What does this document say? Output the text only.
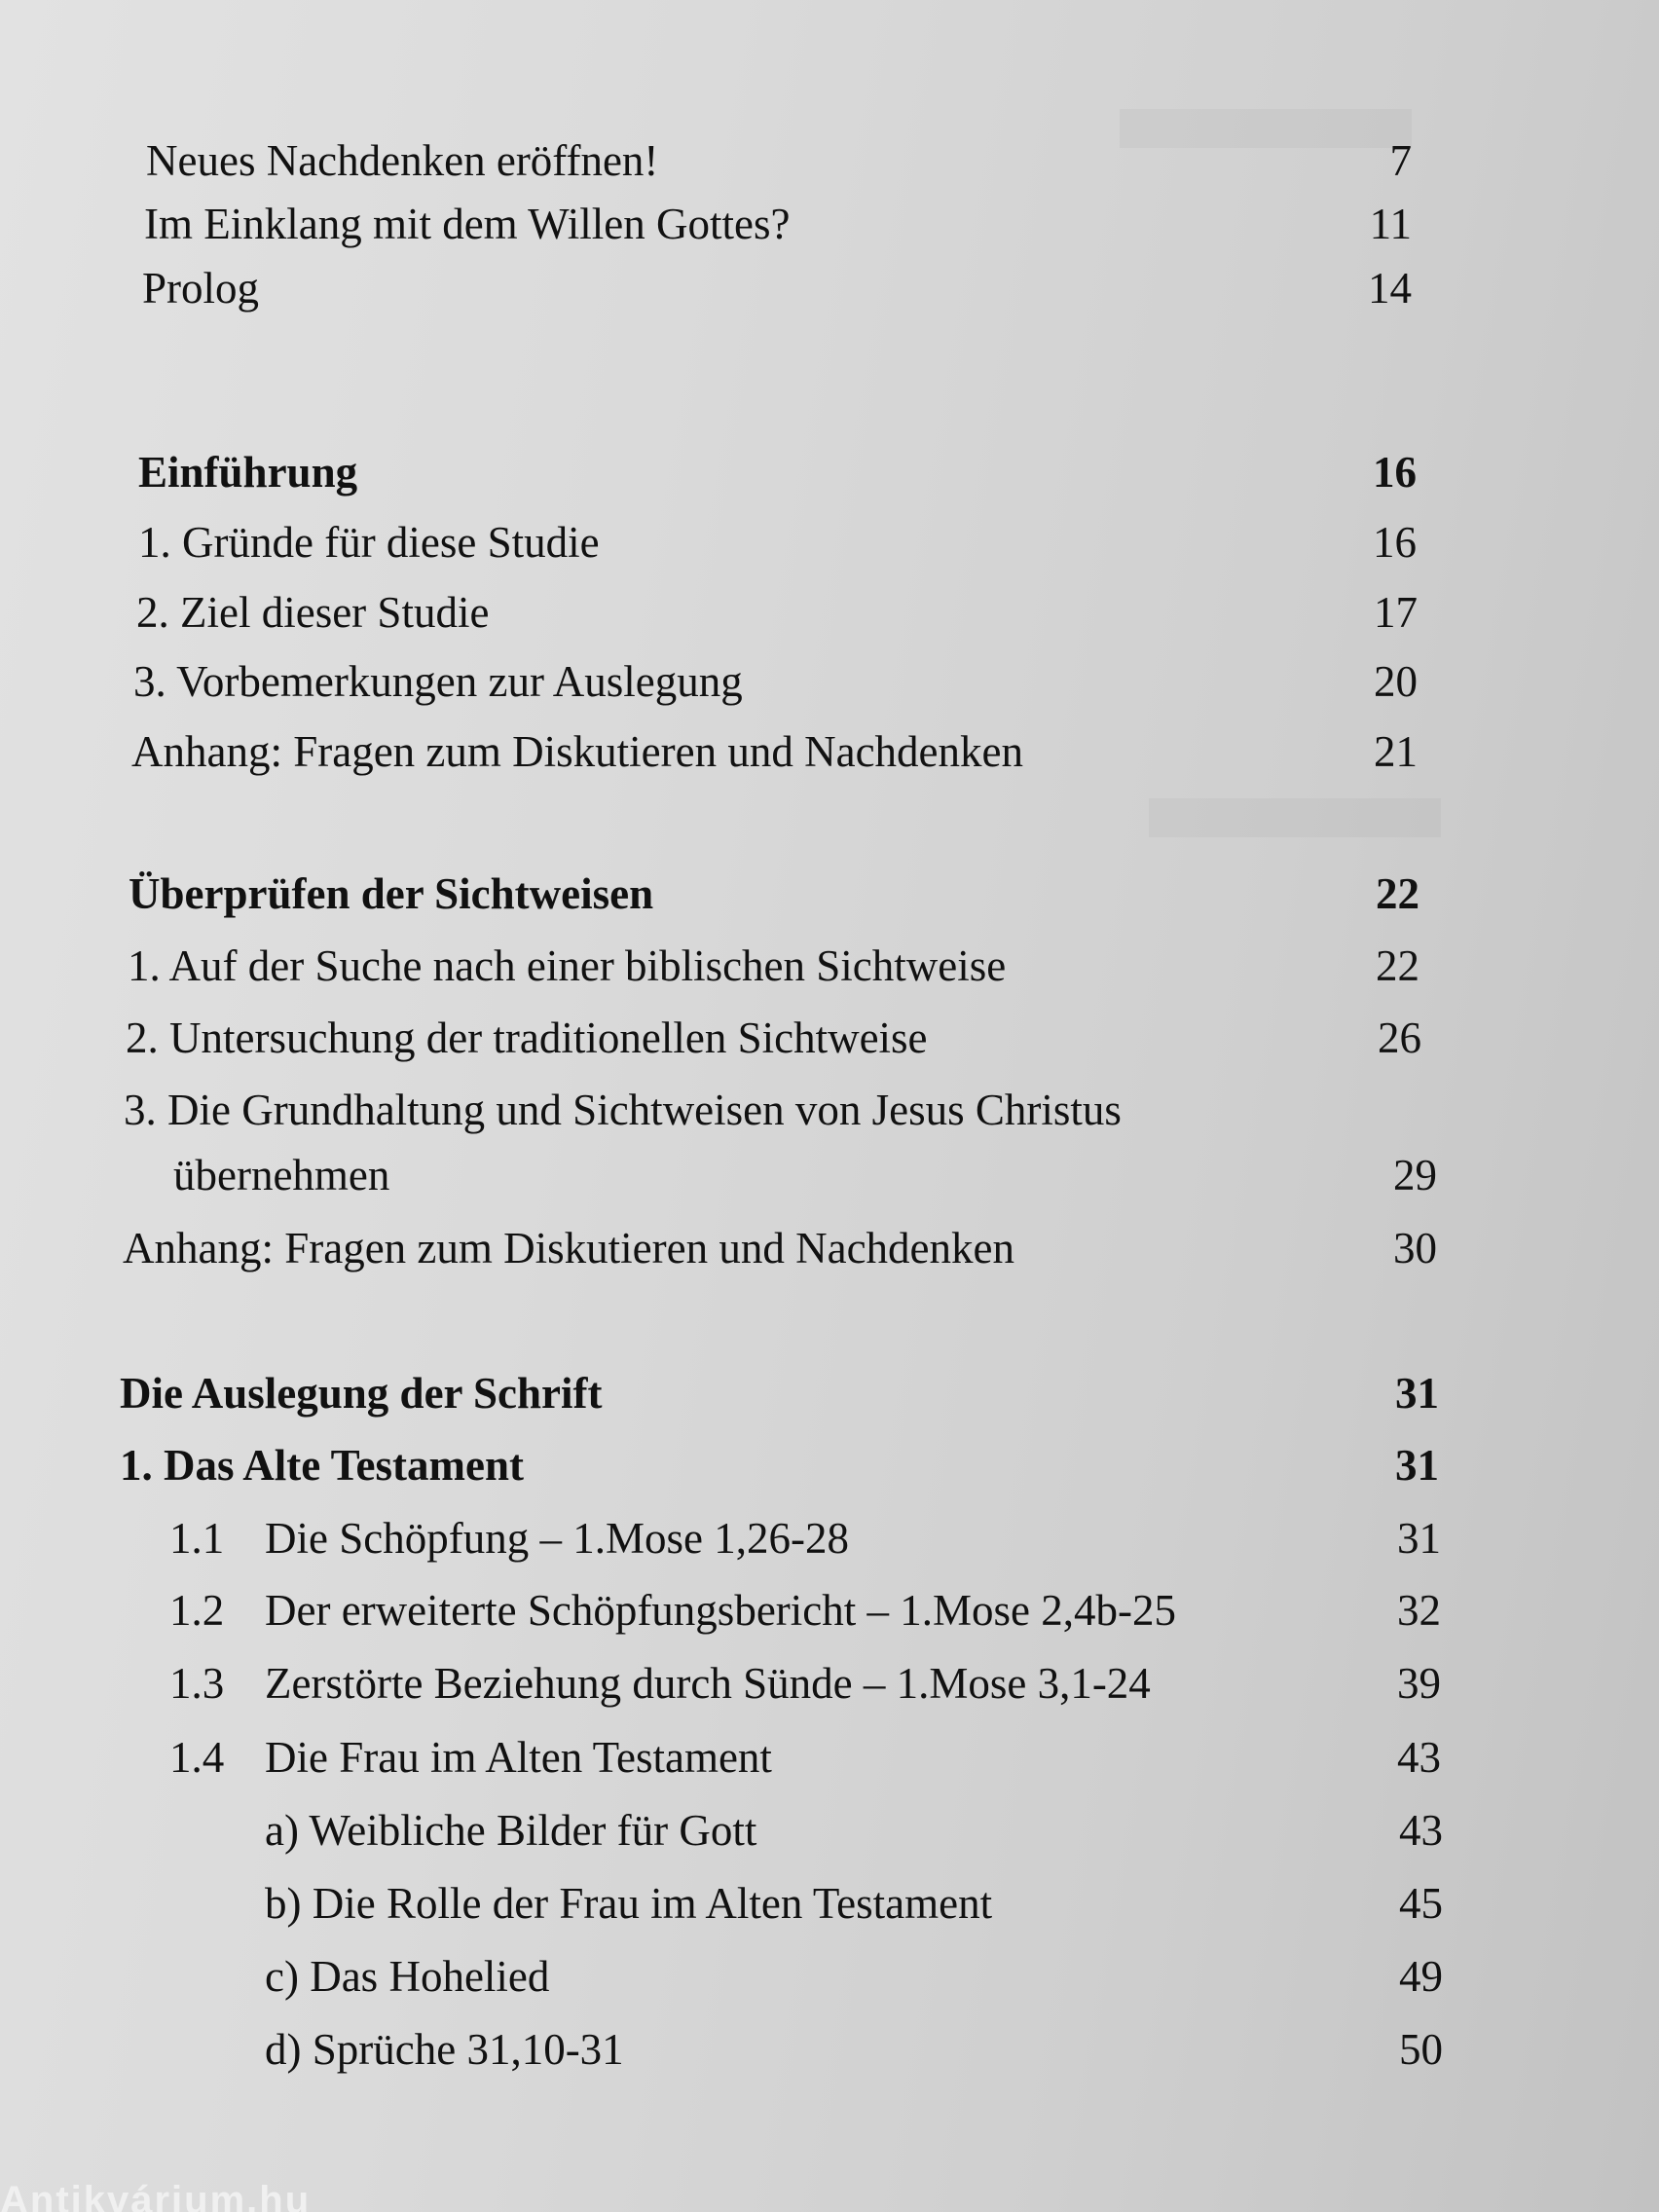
Neues Nachdenken eröffnen!	7
Im Einklang mit dem Willen Gottes?	11
Prolog	14
Einführung	16
1. Gründe für diese Studie	16
2. Ziel dieser Studie	17
3. Vorbemerkungen zur Auslegung	20
Anhang: Fragen zum Diskutieren und Nachdenken	21
Überprüfen der Sichtweisen	22
1. Auf der Suche nach einer biblischen Sichtweise	22
2. Untersuchung der traditionellen Sichtweise	26
3. Die Grundhaltung und Sichtweisen von Jesus Christus
übernehmen	29
Anhang: Fragen zum Diskutieren und Nachdenken	30
Die Auslegung der Schrift	31
1. Das Alte Testament	31
1.1 Die Schöpfung – 1.Mose 1,26-28	31
1.2 Der erweiterte Schöpfungsbericht – 1.Mose 2,4b-25	32
1.3 Zerstörte Beziehung durch Sünde – 1.Mose 3,1-24	39
1.4 Die Frau im Alten Testament	43
a) Weibliche Bilder für Gott	43
b) Die Rolle der Frau im Alten Testament	45
c) Das Hohelied	49
d) Sprüche 31,10-31	50
Antikvárium.hu
